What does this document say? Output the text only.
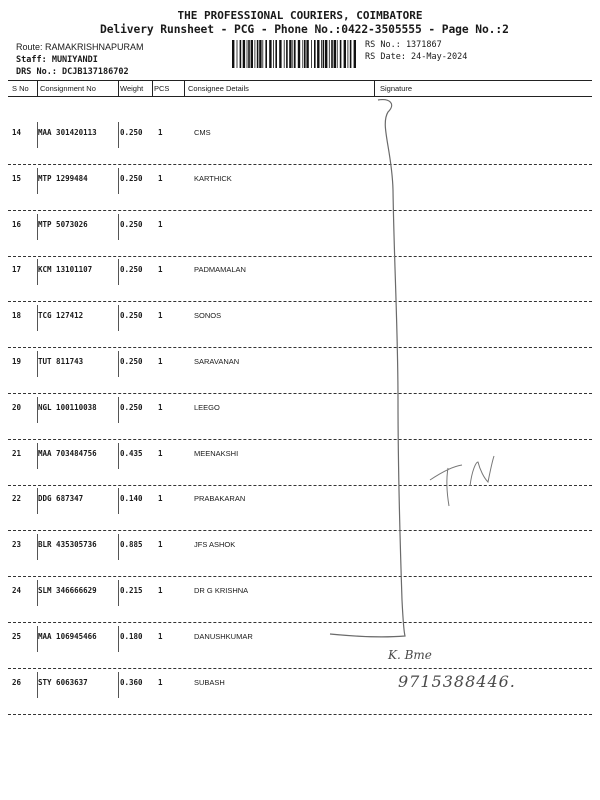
THE PROFESSIONAL COURIERS, COIMBATORE
Delivery Runsheet - PCG - Phone No.:0422-3505555 - Page No.:2
Route: RAMAKRISHNAPURAM
Staff: MUNIYANDI
DRS No.: DCJB137186702
RS No.: 1371867
RS Date: 24-May-2024
S No Consignment No	Weight PCS Consignee Details	Signature
14 MAA 301420113	0.250 1	CMS
15 MTP 1299484	0.250 1	KARTHICK
16 MTP 5073026	0.250 1
17 KCM 13101107	0.250 1	PADMAMALAN
18 TCG 127412	0.250 1	SONOS
19 TUT 811743	0.250 1	SARAVANAN
20 NGL 100110038	0.250 1	LEEGO
21 MAA 703484756	0.435 1	MEENAKSHI
22 DDG 687347	0.140 1	PRABAKARAN
23 BLR 435305736	0.885 1	JFS ASHOK
24 SLM 346666629	0.215 1	DR G KRISHNA
25 MAA 106945466	0.180 1	DANUSHKUMAR
26 STY 6063637	0.360 1	SUBASH
K. Bme
9715388446.
